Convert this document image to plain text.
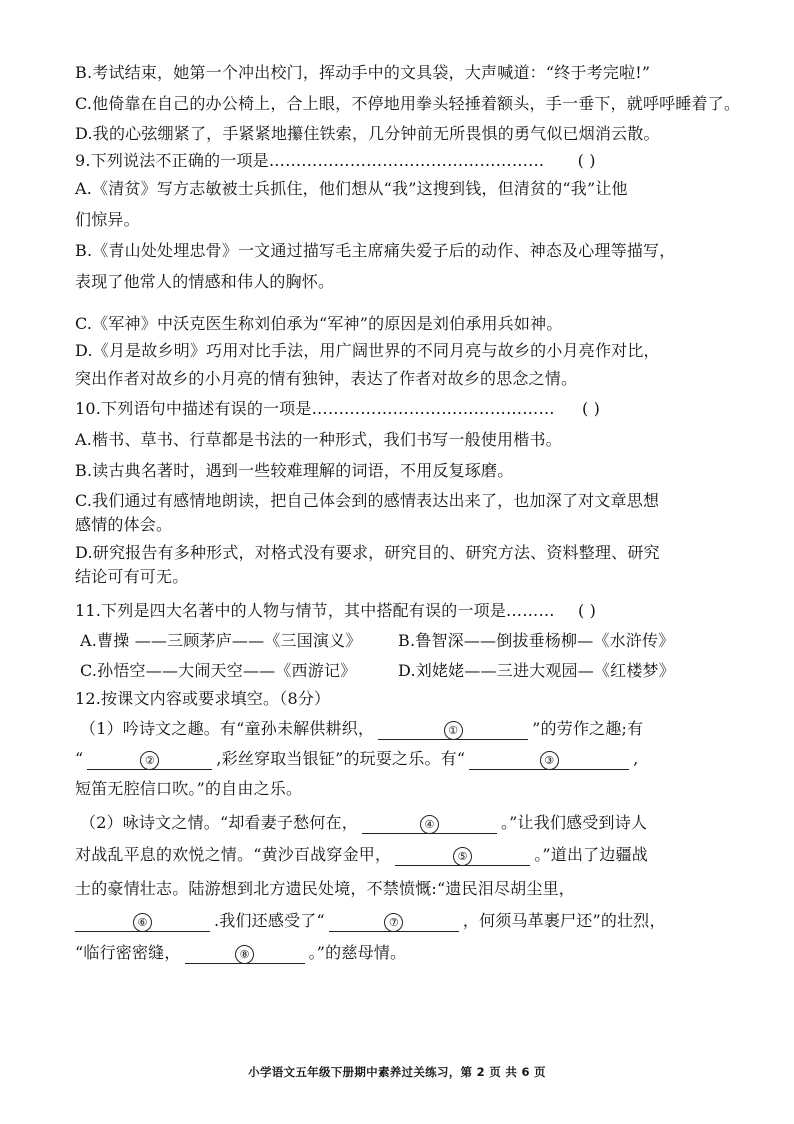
B.考试结束，她第一个冲出校门，挥动手中的文具袋，大声喊道：“终于考完啦!”
C.他倚靠在自己的办公椅上，合上眼，不停地用拳头轻捶着额头，手一垂下，就呼呼睡着了。
D.我的心弦绷紧了，手紧紧地攥住铁索，几分钟前无所畏惧的勇气似已烟消云散。
9.下列说法不正确的一项是…………………………………………… ( )
A.《清贫》写方志敏被士兵抓住，他们想从“我”这搜到钱，但清贫的“我”让他
们惊异。
B.《青山处处埋忠骨》一文通过描写毛主席痛失爱子后的动作、神态及心理等描写，
表现了他常人的情感和伟人的胸怀。
C.《军神》中沃克医生称刘伯承为“军神”的原因是刘伯承用兵如神。
D.《月是故乡明》巧用对比手法，用广阔世界的不同月亮与故乡的小月亮作对比，
突出作者对故乡的小月亮的情有独钟，表达了作者对故乡的思念之情。
10.下列语句中描述有误的一项是……………………………………… ( )
A.楷书、草书、行草都是书法的一种形式，我们书写一般使用楷书。
B.读古典名著时，遇到一些较难理解的词语，不用反复琢磨。
C.我们通过有感情地朗读，把自己体会到的感情表达出来了，也加深了对文章思想
感情的体会。
D.研究报告有多种形式，对格式没有要求，研究目的、研究方法、资料整理、研究
结论可有可无。
11.下列是四大名著中的人物与情节，其中搭配有误的一项是……… ( )
A.曹操 ——三顾茅庐——《三国演义》 B.鲁智深——倒拔垂杨柳—《水浒传》
C.孙悟空——大闹天空——《西游记》	D.刘姥姥——三进大观园—《红楼梦》
12.按课文内容或要求填空。（8分）
（1）吟诗文之趣。有“童孙未解供耕织，	①	”的劳作之趣;有
“	②	,彩丝穿取当银钲”的玩耍之乐。有“	③	,
短笛无腔信口吹。”的自由之乐。
（2）咏诗文之情。“却看妻子愁何在，	④	。”让我们感受到诗人
对战乱平息的欢悦之情。“黄沙百战穿金甲，	⑤	。”道出了边疆战
士的豪情壮志。陆游想到北方遗民处境，不禁愤慨:“遗民泪尽胡尘里，
⑥	.我们还感受了“	⑦	，何须马革裹尸还”的壮烈，
“临行密密缝，	⑧	。”的慈母情。
小学语文五年级下册期中素养过关练习，第 2 页 共 6 页
